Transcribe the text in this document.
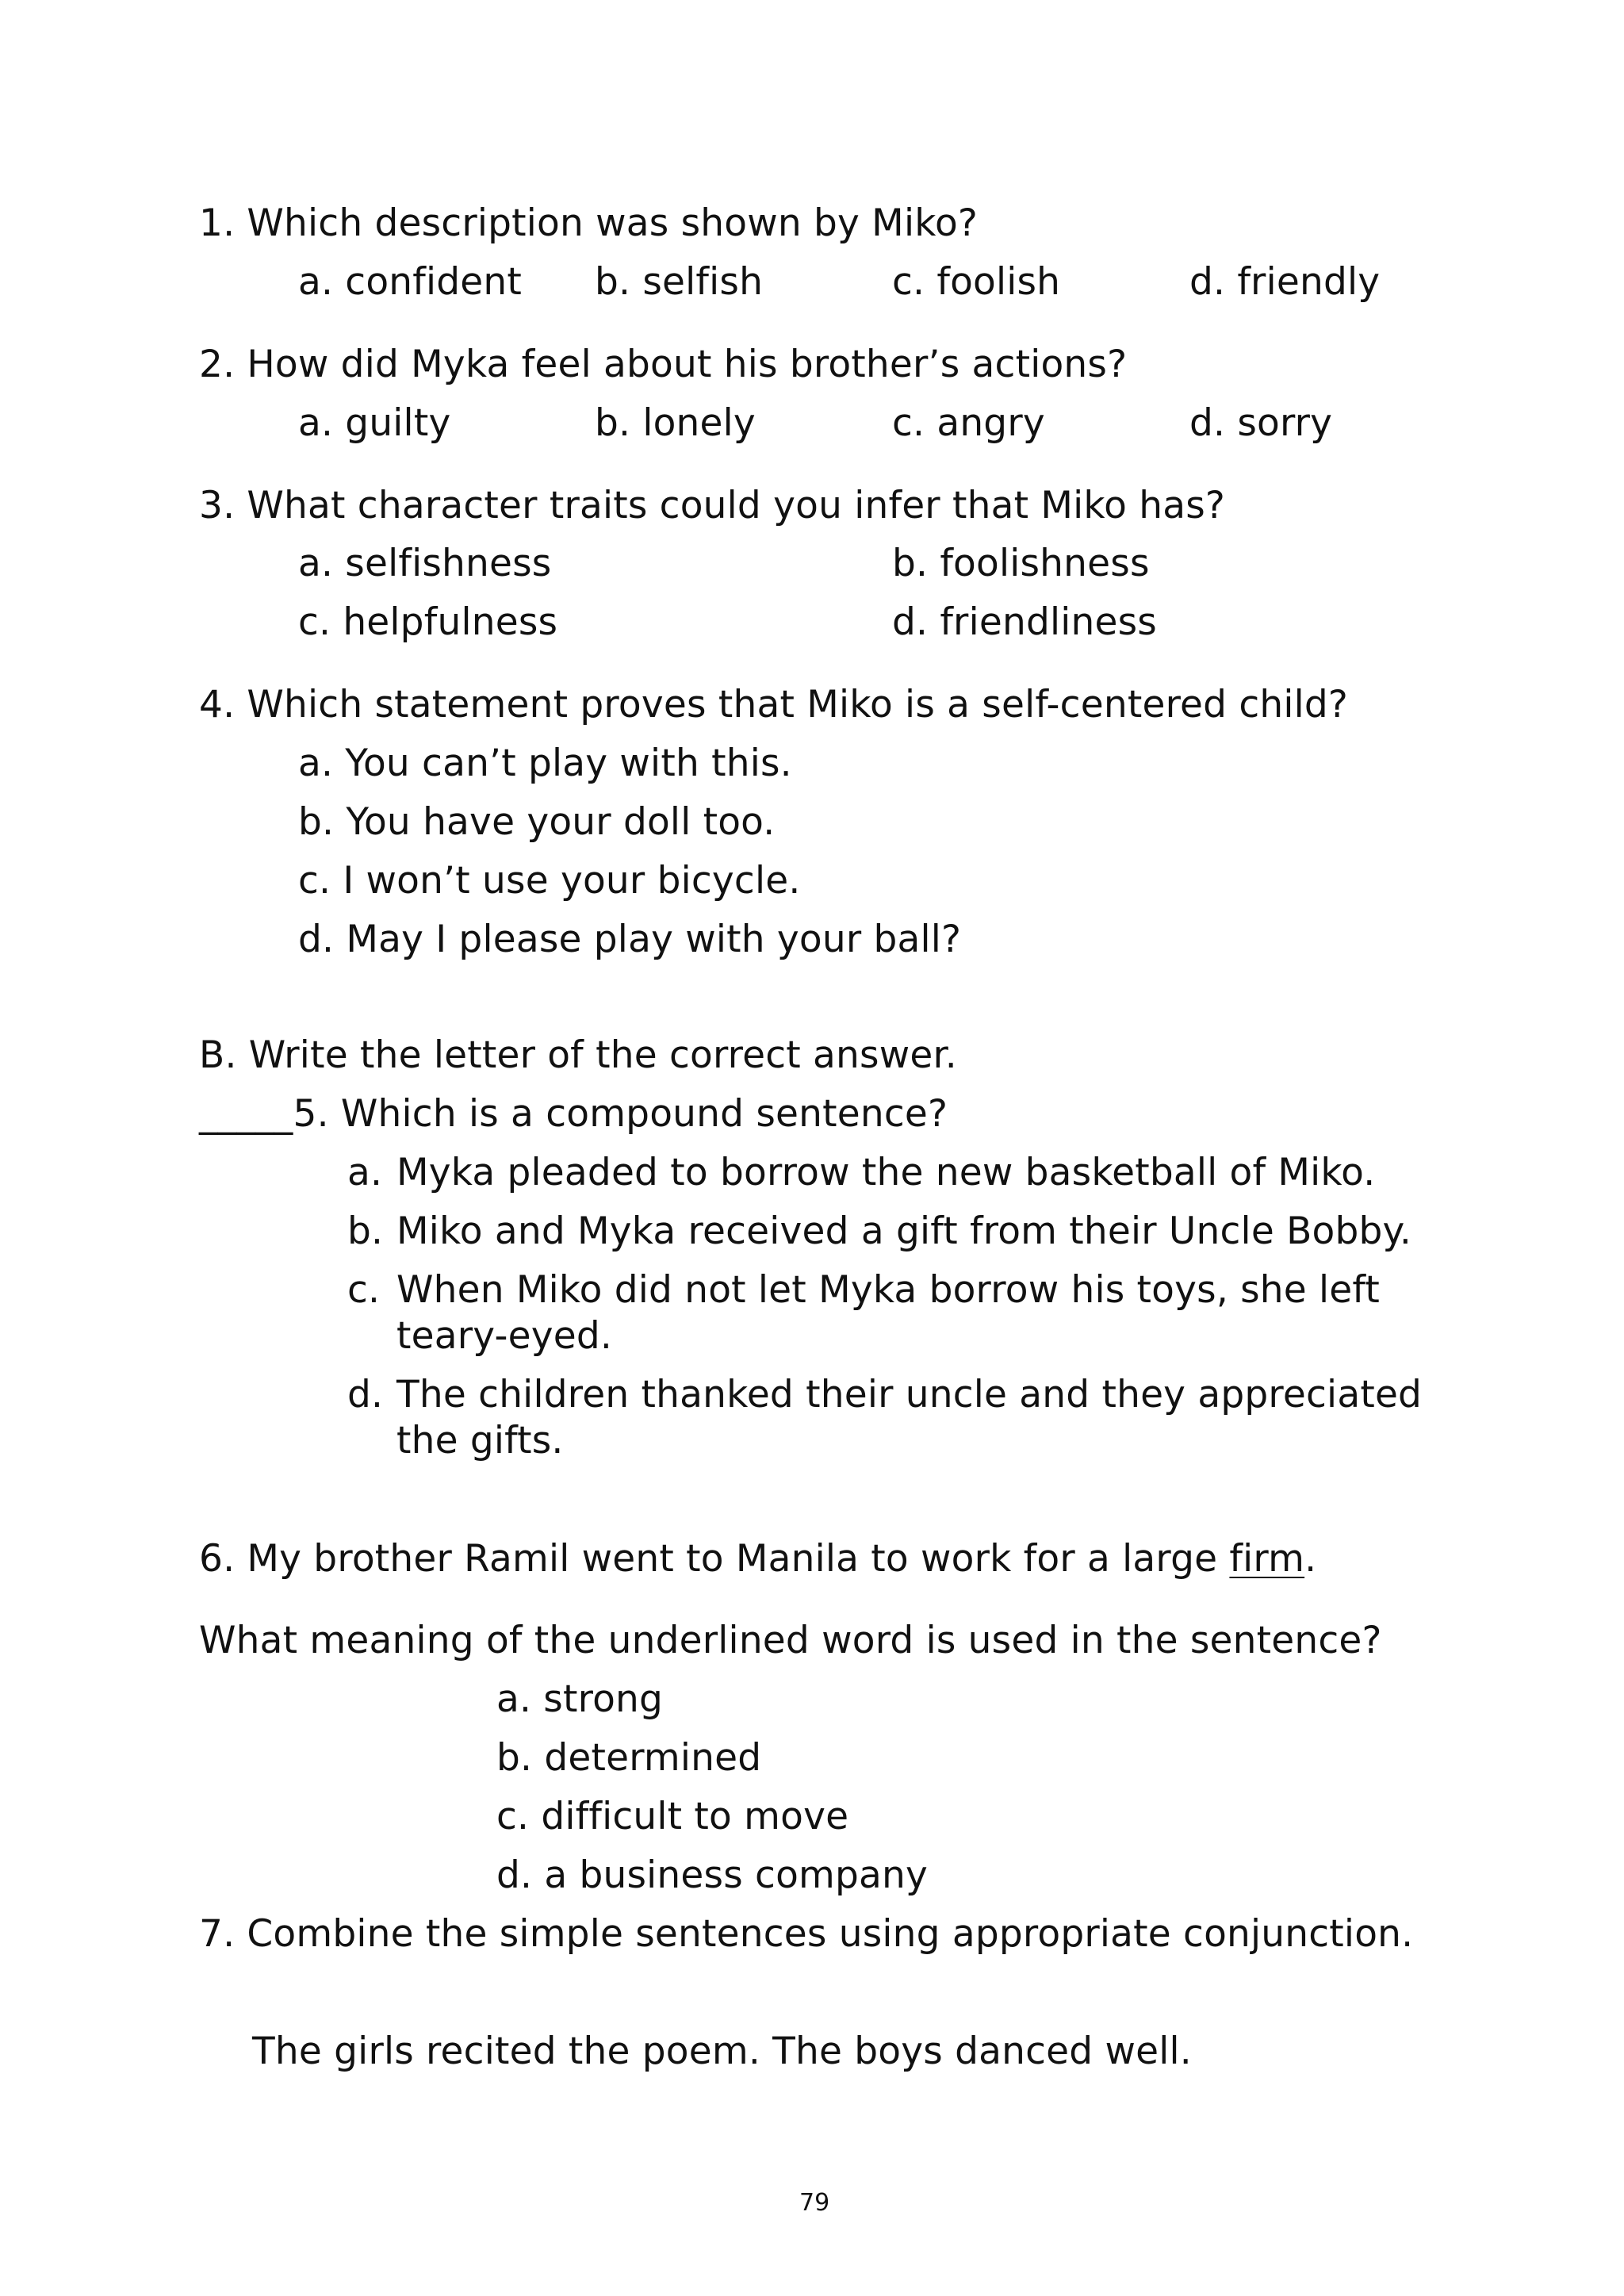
1. Which description was shown by Miko?
a. confident b. selfish	c. foolish	d. friendly
2. How did Myka feel about his brother’s actions?
a. guilty	b. lonely	c. angry	d. sorry
3. What character traits could you infer that Miko has?
a. selfishness	b. foolishness
c. helpfulness	d. friendliness
4. Which statement proves that Miko is a self-centered child?
a. You can’t play with this.
b. You have your doll too.
c. I won’t use your bicycle.
d. May I please play with your ball?
B. Write the letter of the correct answer.
_____5. Which is a compound sentence?
a. Myka pleaded to borrow the new basketball of Miko.
b. Miko and Myka received a gift from their Uncle Bobby.
c. When Miko did not let Myka borrow his toys, she left
teary-eyed.
d. The children thanked their uncle and they appreciated
the gifts.
6. My brother Ramil went to Manila to work for a large firm.
What meaning of the underlined word is used in the sentence?
a. strong
b. determined
c. difficult to move
d. a business company
7. Combine the simple sentences using appropriate conjunction.
The girls recited the poem. The boys danced well.
79
